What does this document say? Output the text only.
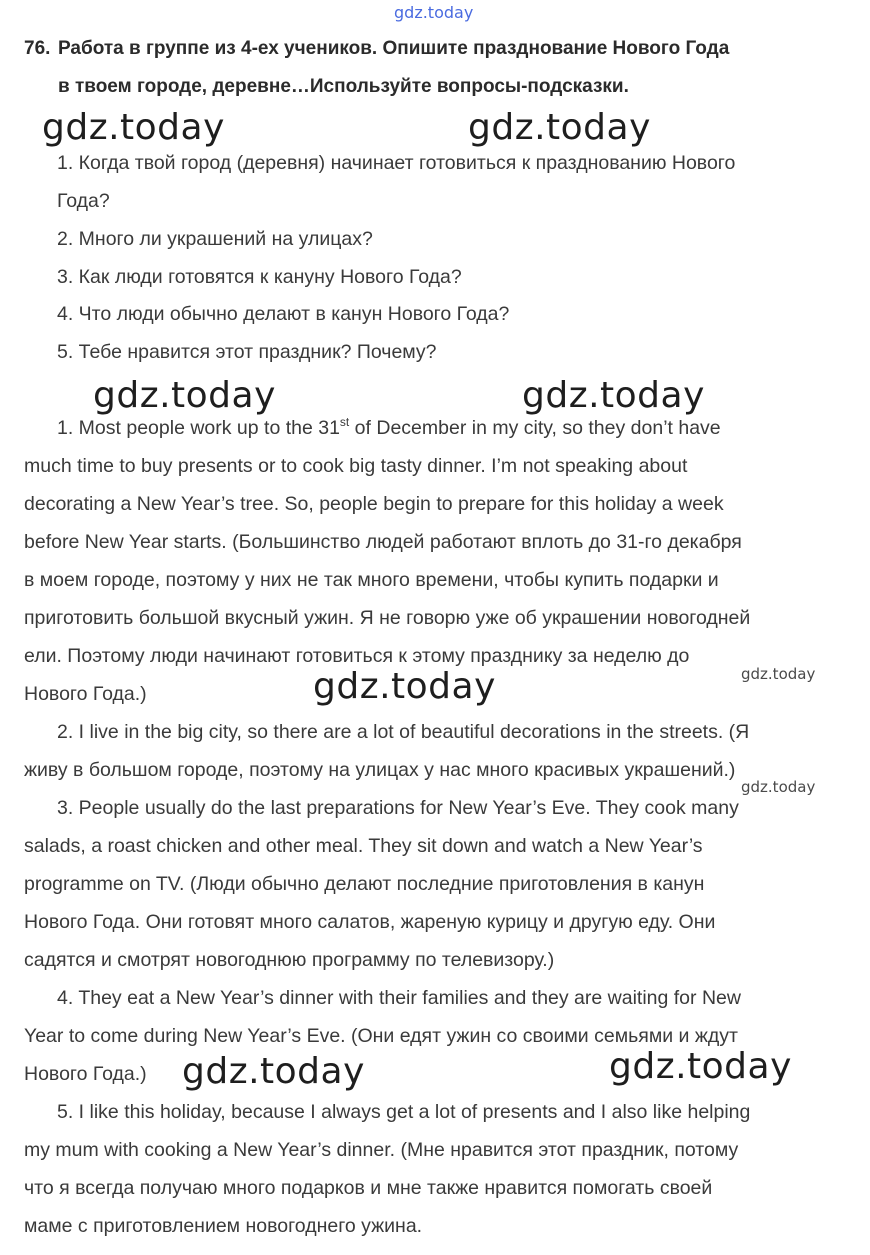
gdz.today
76. Работа в группе из 4-ех учеников. Опишите празднование Нового Года
в твоем городе, деревне…Используйте вопросы-подсказки.
gdz.today	gdz.today
1. Когда твой город (деревня) начинает готовиться к празднованию Нового
Года?
2. Много ли украшений на улицах?
3. Как люди готовятся к кануну Нового Года?
4. Что люди обычно делают в канун Нового Года?
5. Тебе нравится этот праздник? Почему?
gdz.today	gdz.today
1. Most people work up to the 31st of December in my city, so they don’t have
much time to buy presents or to cook big tasty dinner. I’m not speaking about
decorating a New Year’s tree. So, people begin to prepare for this holiday a week
before New Year starts. (Большинство людей работают вплоть до 31-го декабря
в моем городе, поэтому у них не так много времени, чтобы купить подарки и
приготовить большой вкусный ужин. Я не говорю уже об украшении новогодней
ели. Поэтому люди начинают готовиться к этому празднику за неделю до
Нового Года.)
gdz.today
gdz.today
2. I live in the big city, so there are a lot of beautiful decorations in the streets. (Я
живу в большом городе, поэтому на улицах у нас много красивых украшений.)
gdz.today
3. People usually do the last preparations for New Year’s Eve. They cook many
salads, a roast chicken and other meal. They sit down and watch a New Year’s
programme on TV. (Люди обычно делают последние приготовления в канун
Нового Года. Они готовят много салатов, жареную курицу и другую еду. Они
садятся и смотрят новогоднюю программу по телевизору.)
4. They eat a New Year’s dinner with their families and they are waiting for New
Year to come during New Year’s Eve. (Они едят ужин со своими семьями и ждут
Нового Года.) gdz.today	gdz.today
5. I like this holiday, because I always get a lot of presents and I also like helping
my mum with cooking a New Year’s dinner. (Мне нравится этот праздник, потому
что я всегда получаю много подарков и мне также нравится помогать своей
маме с приготовлением новогоднего ужина.
